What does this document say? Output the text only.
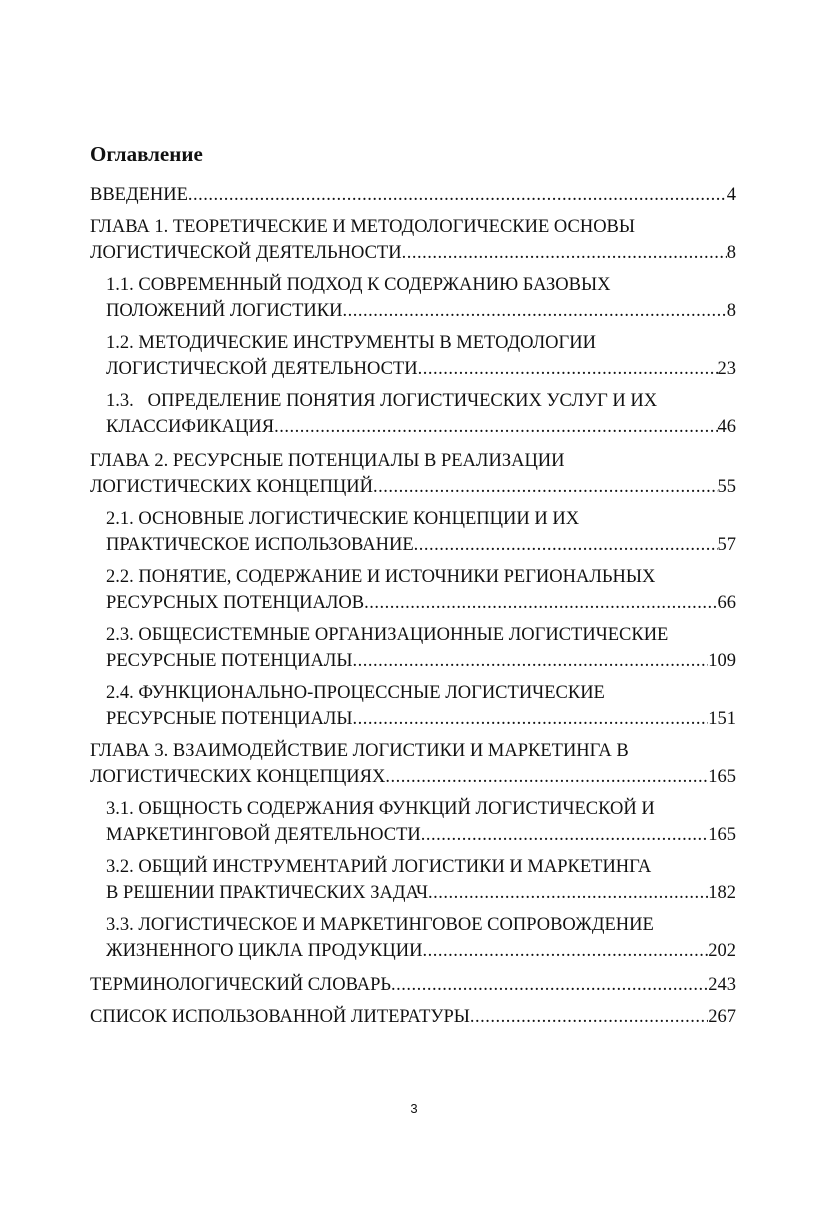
Оглавление
ВВЕДЕНИЕ .....	4
ГЛАВА 1. ТЕОРЕТИЧЕСКИЕ И МЕТОДОЛОГИЧЕСКИЕ ОСНОВЫ
ЛОГИСТИЧЕСКОЙ ДЕЯТЕЛЬНОСТИ .....	8
1.1. СОВРЕМЕННЫЙ ПОДХОД К СОДЕРЖАНИЮ БАЗОВЫХ
ПОЛОЖЕНИЙ ЛОГИСТИКИ .....	8
1.2. МЕТОДИЧЕСКИЕ ИНСТРУМЕНТЫ В МЕТОДОЛОГИИ
ЛОГИСТИЧЕСКОЙ ДЕЯТЕЛЬНОСТИ .....	23
1.3.   ОПРЕДЕЛЕНИЕ ПОНЯТИЯ ЛОГИСТИЧЕСКИХ УСЛУГ И ИХ
КЛАССИФИКАЦИЯ .....	46
ГЛАВА 2. РЕСУРСНЫЕ ПОТЕНЦИАЛЫ В РЕАЛИЗАЦИИ
ЛОГИСТИЧЕСКИХ КОНЦЕПЦИЙ .....	55
2.1. ОСНОВНЫЕ ЛОГИСТИЧЕСКИЕ КОНЦЕПЦИИ И ИХ
ПРАКТИЧЕСКОЕ ИСПОЛЬЗОВАНИЕ .....	57
2.2. ПОНЯТИЕ, СОДЕРЖАНИЕ И ИСТОЧНИКИ РЕГИОНАЛЬНЫХ
РЕСУРСНЫХ ПОТЕНЦИАЛОВ .....	66
2.3. ОБЩЕСИСТЕМНЫЕ ОРГАНИЗАЦИОННЫЕ ЛОГИСТИЧЕСКИЕ
РЕСУРСНЫЕ ПОТЕНЦИАЛЫ .....	109
2.4. ФУНКЦИОНАЛЬНО-ПРОЦЕССНЫЕ ЛОГИСТИЧЕСКИЕ
РЕСУРСНЫЕ ПОТЕНЦИАЛЫ .....	151
ГЛАВА 3. ВЗАИМОДЕЙСТВИЕ ЛОГИСТИКИ И МАРКЕТИНГА В
ЛОГИСТИЧЕСКИХ КОНЦЕПЦИЯХ .....	165
3.1. ОБЩНОСТЬ СОДЕРЖАНИЯ ФУНКЦИЙ ЛОГИСТИЧЕСКОЙ И
МАРКЕТИНГОВОЙ ДЕЯТЕЛЬНОСТИ .....	165
3.2. ОБЩИЙ ИНСТРУМЕНТАРИЙ ЛОГИСТИКИ И МАРКЕТИНГА
В РЕШЕНИИ ПРАКТИЧЕСКИХ ЗАДАЧ .....	182
3.3. ЛОГИСТИЧЕСКОЕ И МАРКЕТИНГОВОЕ СОПРОВОЖДЕНИЕ
ЖИЗНЕННОГО ЦИКЛА ПРОДУКЦИИ .....	202
ТЕРМИНОЛОГИЧЕСКИЙ СЛОВАРЬ .....	243
СПИСОК ИСПОЛЬЗОВАННОЙ ЛИТЕРАТУРЫ .....	267
3
